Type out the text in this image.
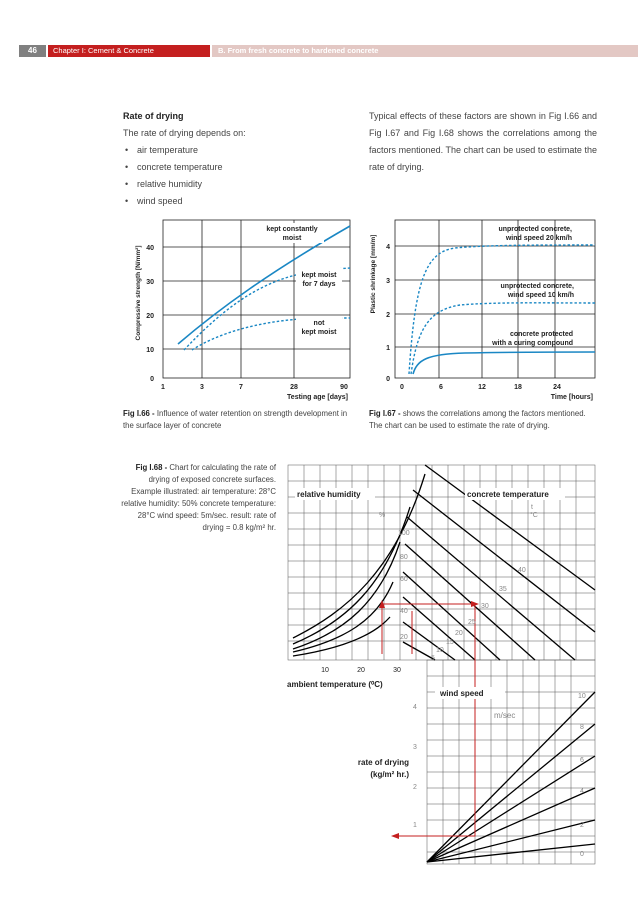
46	Chapter I: Cement & Concrete	B. From fresh concrete to hardened concrete
Rate of drying
The rate of drying depends on:
• air temperature
• concrete temperature
• relative humidity
• wind speed
Typical effects of these factors are shown in Fig I.66 and Fig I.67 and Fig I.68 shows the correlations among the factors mentioned. The chart can be used to estimate the rate of drying.
Compressive strength [N/mm²]
0
10
20
30
40
1	3	7	28	90
Testing age [days]
kept constantly
moist
kept moist
for 7 days
not
kept moist
Fig I.66 - Influence of water retention on strength development in the surface layer of concrete
Plastic shrinkage [mm/m]
0
1
2
3
4
0	6	12	18	24
Time [hours]
unprotected concrete,
wind speed 20 km/h
unprotected concrete,
wind speed 10 km/h
concrete protected
with a curing compound
Fig I.67 - shows the correlations among the factors mentioned. The chart can be used to estimate the rate of drying.
Fig I.68 - Chart for calculating the rate of drying of exposed concrete surfaces. Example illustrated: air temperature: 28°C relative humidity: 50% concrete temperature: 28°C wind speed: 5m/sec. result: rate of drying = 0.8 kg/m² hr.
relative humidity	concrete temperature
%
t
°C
100
80
60
40
20
40
35
30
25
20
15
10
5
10	20	30
ambient temperature (⁰C)
wind speed
m/sec
10
8
6
4
2
0
4
3
2
1
rate of drying
(kg/m² hr.)
